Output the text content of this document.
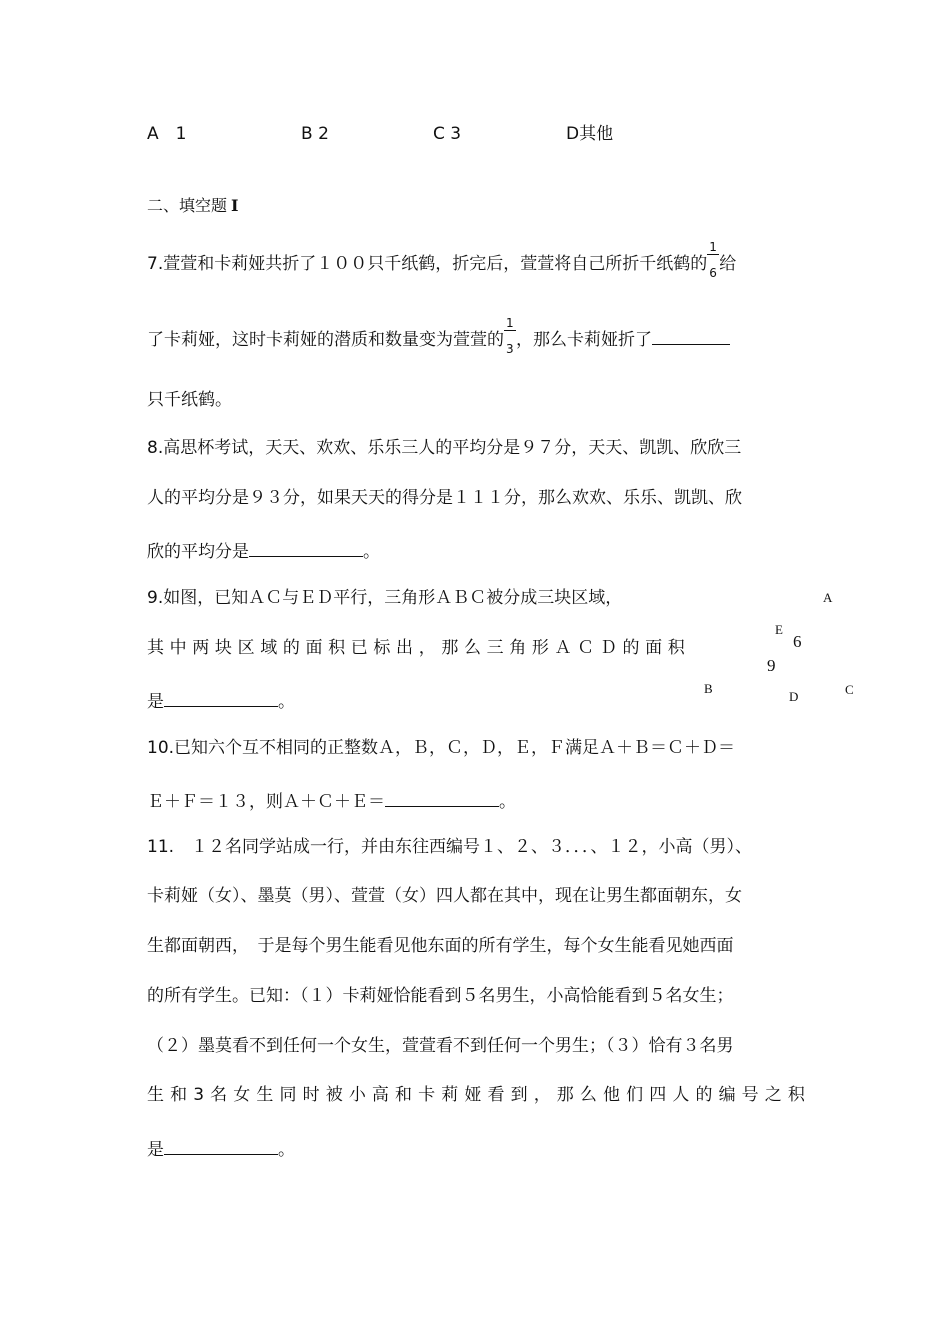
A　1	B 2	C 3	D其他
二、填空题 I
7.萱萱和卡莉娅共折了１００只千纸鹤，折完后，萱萱将自己所折千纸鹤的 $\frac{1}{6}$ 给
了卡莉娅，这时卡莉娅的潜质和数量变为萱萱的 $\frac{1}{3}$ ，那么卡莉娅折了
只千纸鹤。
8.高思杯考试，天天、欢欢、乐乐三人的平均分是９７分，天天、凯凯、欣欣三
人的平均分是９３分，如果天天的得分是１１１分，那么欢欢、乐乐、凯凯、欣
欣的平均分是	。
9.如图，已知ＡＣ与ＥＤ平行，三角形ＡＢＣ被分成三块区域，
其 中 两 块 区 域 的 面 积 已 标 出 ， 那 么 三 角 形 Ａ Ｃ Ｄ 的 面 积
是	。
A
E
6
9
B
D	C
10.已知六个互不相同的正整数Ａ，Ｂ，Ｃ，Ｄ，Ｅ，Ｆ满足Ａ＋Ｂ＝Ｃ＋Ｄ＝
Ｅ＋Ｆ＝１３，则Ａ＋Ｃ＋Ｅ＝	。
11.　１２名同学站成一行，并由东往西编号１、２、３．．．、１２，小高（男）、
卡莉娅（女）、墨莫（男）、萱萱（女）四人都在其中，现在让男生都面朝东，女
生都面朝西，　于是每个男生能看见他东面的所有学生，每个女生能看见她西面
的所有学生。已知：（１）卡莉娅恰能看到５名男生，小高恰能看到５名女生；
（２）墨莫看不到任何一个女生，萱萱看不到任何一个男生；（３）恰有３名男
生 和 3 名 女 生 同 时 被 小 高 和 卡 莉 娅 看 到 ， 那 么 他 们 四 人 的 编 号 之 积
是	。
